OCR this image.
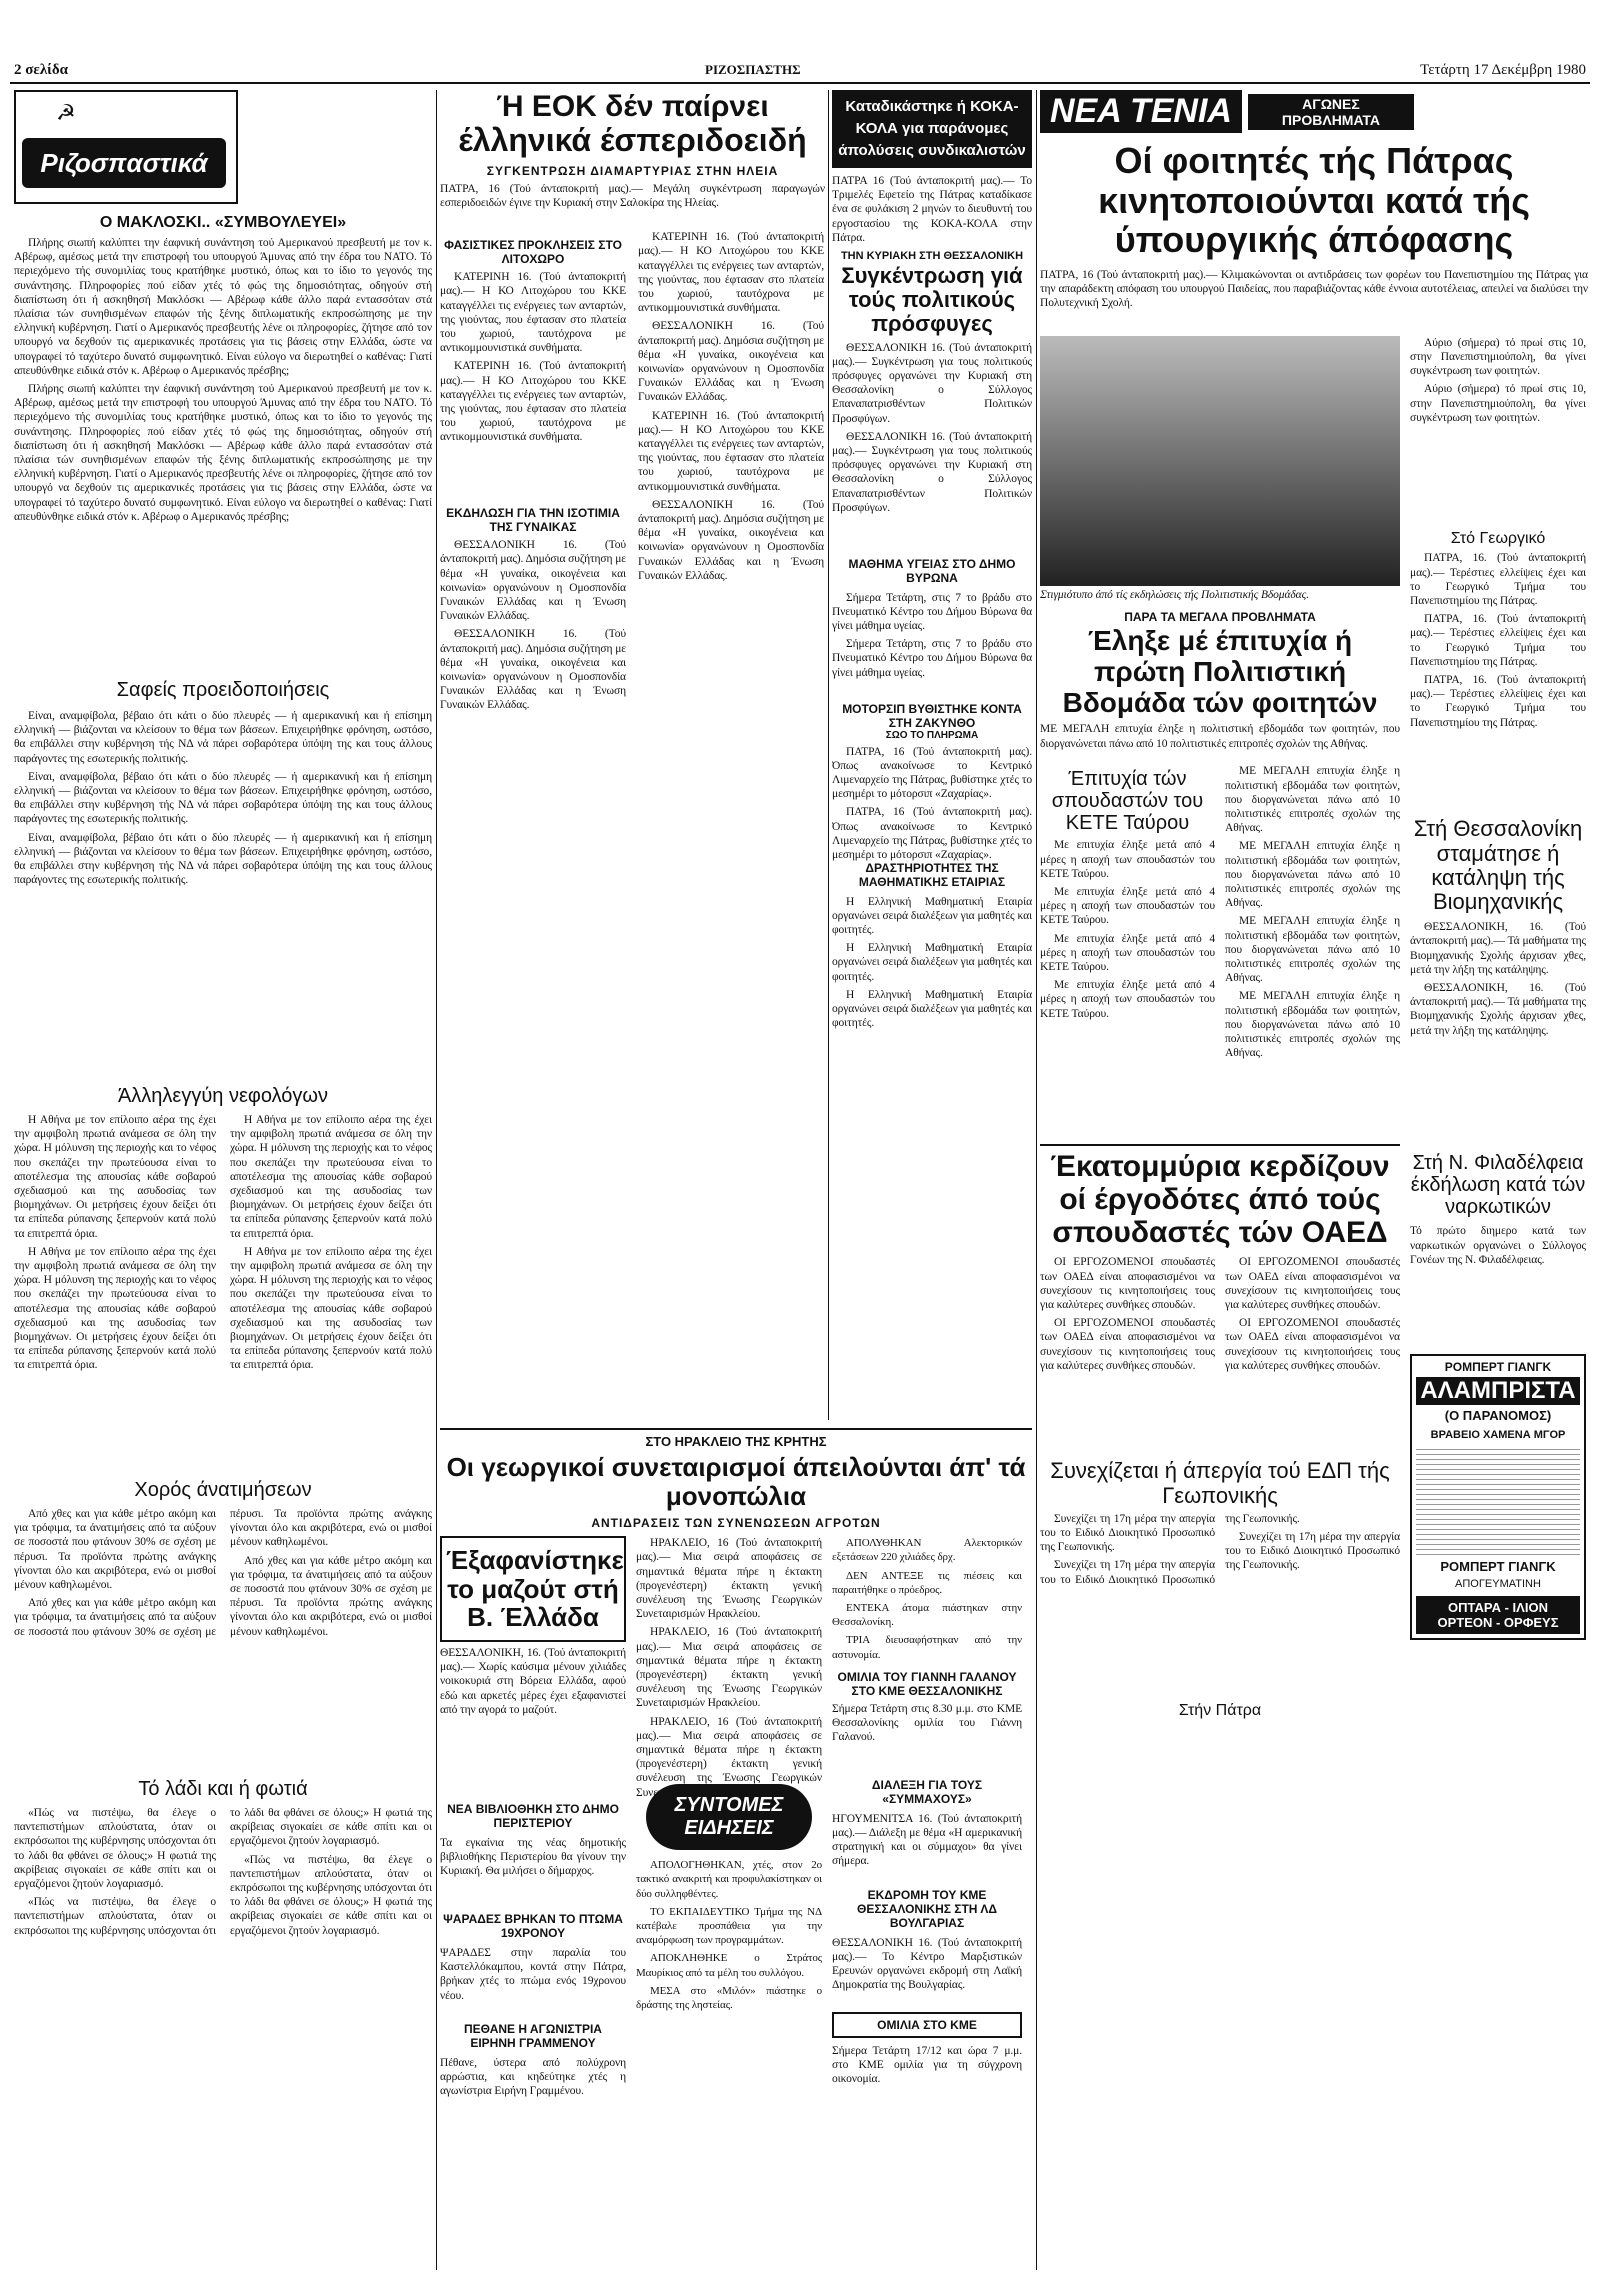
2 σελίδα	ΡΙΖΟΣΠΑΣΤΗΣ	Τετάρτη 17 Δεκέμβρη 1980
☭
Ριζοσπαστικά
Ο ΜΑΚΛΟΣΚΙ.. «ΣΥΜΒΟΥΛΕΥΕΙ»

Πλήρης σιωπή καλύπτει την έαφνική συνάντηση τού Αμερικανού πρεσβευτή με τον κ. Αβέρωφ, αμέσως μετά την επιστροφή του υπουργού Άμυνας από την έδρα του ΝΑΤΟ. Τό περιεχόμενο τής συνομιλίας τους κρατήθηκε μυστικό, όπως και το ίδιο το γεγονός της συνάντησης. Πληροφορίες πού είδαν χτές τό φώς της δημοσιότητας, οδηγούν στή διαπίστωση ότι ή ασκηθησή Μακλόσκι — Αβέρωφ κάθε άλλο παρά εντασσόταν στά πλαίσια τών συνηθισμένων επαφών τής ξένης διπλωματικής εκπροσώπησης με την ελληνική κυβέρνηση. Γιατί ο Αμερικανός πρεσβευτής λένε οι πληροφορίες, ζήτησε από τον υπουργό να δεχθούν τις αμερικανικές προτάσεις για τις βάσεις στην Ελλάδα, ώστε να υπογραφεί τό ταχύτερο δυνατό συμφωνητικό. Είναι εύλογο να διερωτηθεί ο καθένας: Γιατί απευθύνθηκε ειδικά στόν κ. Αβέρωφ ο Αμερικανός πρέσβης;

Πλήρης σιωπή καλύπτει την έαφνική συνάντηση τού Αμερικανού πρεσβευτή με τον κ. Αβέρωφ, αμέσως μετά την επιστροφή του υπουργού Άμυνας από την έδρα του ΝΑΤΟ. Τό περιεχόμενο τής συνομιλίας τους κρατήθηκε μυστικό, όπως και το ίδιο το γεγονός της συνάντησης. Πληροφορίες πού είδαν χτές τό φώς της δημοσιότητας, οδηγούν στή διαπίστωση ότι ή ασκηθησή Μακλόσκι — Αβέρωφ κάθε άλλο παρά εντασσόταν στά πλαίσια τών συνηθισμένων επαφών τής ξένης διπλωματικής εκπροσώπησης με την ελληνική κυβέρνηση. Γιατί ο Αμερικανός πρεσβευτής λένε οι πληροφορίες, ζήτησε από τον υπουργό να δεχθούν τις αμερικανικές προτάσεις για τις βάσεις στην Ελλάδα, ώστε να υπογραφεί τό ταχύτερο δυνατό συμφωνητικό. Είναι εύλογο να διερωτηθεί ο καθένας: Γιατί απευθύνθηκε ειδικά στόν κ. Αβέρωφ ο Αμερικανός πρέσβης;

Σαφείς προειδοποιήσεις

Είναι, αναμφίβολα, βέβαιο ότι κάτι ο δύο πλευρές — ή αμερικανική και ή επίσημη ελληνική — βιάζονται να κλείσουν το θέμα των βάσεων. Επιχειρήθηκε φρόνηση, ωστόσο, θα επιβάλλει στην κυβέρνηση τής ΝΔ νά πάρει σοβαρότερα ύπόψη της και τους άλλους παράγοντες της εσωτερικής πολιτικής.

Είναι, αναμφίβολα, βέβαιο ότι κάτι ο δύο πλευρές — ή αμερικανική και ή επίσημη ελληνική — βιάζονται να κλείσουν το θέμα των βάσεων. Επιχειρήθηκε φρόνηση, ωστόσο, θα επιβάλλει στην κυβέρνηση τής ΝΔ νά πάρει σοβαρότερα ύπόψη της και τους άλλους παράγοντες της εσωτερικής πολιτικής.

Είναι, αναμφίβολα, βέβαιο ότι κάτι ο δύο πλευρές — ή αμερικανική και ή επίσημη ελληνική — βιάζονται να κλείσουν το θέμα των βάσεων. Επιχειρήθηκε φρόνηση, ωστόσο, θα επιβάλλει στην κυβέρνηση τής ΝΔ νά πάρει σοβαρότερα ύπόψη της και τους άλλους παράγοντες της εσωτερικής πολιτικής.

Άλληλεγγύη νεφολόγων

Η Αθήνα με τον επίλοιπο αέρα της έχει την αμφιβολη πρωτιά ανάμεσα σε όλη την χώρα. Η μόλυνση της περιοχής και το νέφος που σκεπάζει την πρωτεύουσα είναι το αποτέλεσμα της απουσίας κάθε σοβαρού σχεδιασμού και της ασυδοσίας των βιομηχάνων. Οι μετρήσεις έχουν δείξει ότι τα επίπεδα ρύπανσης ξεπερνούν κατά πολύ τα επιτρεπτά όρια.

Η Αθήνα με τον επίλοιπο αέρα της έχει την αμφιβολη πρωτιά ανάμεσα σε όλη την χώρα. Η μόλυνση της περιοχής και το νέφος που σκεπάζει την πρωτεύουσα είναι το αποτέλεσμα της απουσίας κάθε σοβαρού σχεδιασμού και της ασυδοσίας των βιομηχάνων. Οι μετρήσεις έχουν δείξει ότι τα επίπεδα ρύπανσης ξεπερνούν κατά πολύ τα επιτρεπτά όρια.

Η Αθήνα με τον επίλοιπο αέρα της έχει την αμφιβολη πρωτιά ανάμεσα σε όλη την χώρα. Η μόλυνση της περιοχής και το νέφος που σκεπάζει την πρωτεύουσα είναι το αποτέλεσμα της απουσίας κάθε σοβαρού σχεδιασμού και της ασυδοσίας των βιομηχάνων. Οι μετρήσεις έχουν δείξει ότι τα επίπεδα ρύπανσης ξεπερνούν κατά πολύ τα επιτρεπτά όρια.

Η Αθήνα με τον επίλοιπο αέρα της έχει την αμφιβολη πρωτιά ανάμεσα σε όλη την χώρα. Η μόλυνση της περιοχής και το νέφος που σκεπάζει την πρωτεύουσα είναι το αποτέλεσμα της απουσίας κάθε σοβαρού σχεδιασμού και της ασυδοσίας των βιομηχάνων. Οι μετρήσεις έχουν δείξει ότι τα επίπεδα ρύπανσης ξεπερνούν κατά πολύ τα επιτρεπτά όρια.

Χορός άνατιμήσεων

Από χθες και για κάθε μέτρο ακόμη και για τρόφιμα, τα άνατιμήσεις από τα αύξουν σε ποσοστά που φτάνουν 30% σε σχέση με πέρυσι. Τα προϊόντα πρώτης ανάγκης γίνονται όλο και ακριβότερα, ενώ οι μισθοί μένουν καθηλωμένοι.

Από χθες και για κάθε μέτρο ακόμη και για τρόφιμα, τα άνατιμήσεις από τα αύξουν σε ποσοστά που φτάνουν 30% σε σχέση με πέρυσι. Τα προϊόντα πρώτης ανάγκης γίνονται όλο και ακριβότερα, ενώ οι μισθοί μένουν καθηλωμένοι.

Από χθες και για κάθε μέτρο ακόμη και για τρόφιμα, τα άνατιμήσεις από τα αύξουν σε ποσοστά που φτάνουν 30% σε σχέση με πέρυσι. Τα προϊόντα πρώτης ανάγκης γίνονται όλο και ακριβότερα, ενώ οι μισθοί μένουν καθηλωμένοι.

Τό λάδι και ή φωτιά

«Πώς να πιστέψω, θα έλεγε ο παντεπιστήμων απλούστατα, όταν οι εκπρόσωποι της κυβέρνησης υπόσχονται ότι το λάδι θα φθάνει σε όλους;» Η φωτιά της ακρίβειας σιγοκαίει σε κάθε σπίτι και οι εργαζόμενοι ζητούν λογαριασμό.

«Πώς να πιστέψω, θα έλεγε ο παντεπιστήμων απλούστατα, όταν οι εκπρόσωποι της κυβέρνησης υπόσχονται ότι το λάδι θα φθάνει σε όλους;» Η φωτιά της ακρίβειας σιγοκαίει σε κάθε σπίτι και οι εργαζόμενοι ζητούν λογαριασμό.

«Πώς να πιστέψω, θα έλεγε ο παντεπιστήμων απλούστατα, όταν οι εκπρόσωποι της κυβέρνησης υπόσχονται ότι το λάδι θα φθάνει σε όλους;» Η φωτιά της ακρίβειας σιγοκαίει σε κάθε σπίτι και οι εργαζόμενοι ζητούν λογαριασμό.

Ή ΕΟΚ δέν παίρνει
έλληνικά έσπεριδοειδή
ΣΥΓΚΕΝΤΡΩΣΗ ΔΙΑΜΑΡΤΥΡΙΑΣ ΣΤΗΝ ΗΛΕΙΑ
ΠΑΤΡΑ, 16 (Τού άνταποκριτή μας).— Μεγάλη συγκέντρωση παραγωγών εσπεριδοειδών έγινε την Κυριακή στην Σαλοκίρα της Ηλείας.
ΦΑΣΙΣΤΙΚΕΣ ΠΡΟΚΛΗΣΕΙΣ ΣΤΟ ΛΙΤΟΧΩΡΟ

ΚΑΤΕΡΙΝΗ 16. (Τού άνταποκριτή μας).— Η ΚΟ Λιτοχώρου του ΚΚΕ καταγγέλλει τις ενέργειες των ανταρτών, της γιούντας, που έφτασαν στο πλατεία του χωριού, ταυτόχρονα με αντικομμουνιστικά συνθήματα.

ΚΑΤΕΡΙΝΗ 16. (Τού άνταποκριτή μας).— Η ΚΟ Λιτοχώρου του ΚΚΕ καταγγέλλει τις ενέργειες των ανταρτών, της γιούντας, που έφτασαν στο πλατεία του χωριού, ταυτόχρονα με αντικομμουνιστικά συνθήματα.

ΕΚΔΗΛΩΣΗ ΓΙΑ ΤΗΝ ΙΣΟΤΙΜΙΑ ΤΗΣ ΓΥΝΑΙΚΑΣ

ΘΕΣΣΑΛΟΝΙΚΗ 16. (Τού άνταποκριτή μας). Δημόσια συζήτηση με θέμα «Η γυναίκα, οικογένεια και κοινωνία» οργανώνουν η Ομοσπονδία Γυναικών Ελλάδας και η Ένωση Γυναικών Ελλάδας.

ΘΕΣΣΑΛΟΝΙΚΗ 16. (Τού άνταποκριτή μας). Δημόσια συζήτηση με θέμα «Η γυναίκα, οικογένεια και κοινωνία» οργανώνουν η Ομοσπονδία Γυναικών Ελλάδας και η Ένωση Γυναικών Ελλάδας.

ΚΑΤΕΡΙΝΗ 16. (Τού άνταποκριτή μας).— Η ΚΟ Λιτοχώρου του ΚΚΕ καταγγέλλει τις ενέργειες των ανταρτών, της γιούντας, που έφτασαν στο πλατεία του χωριού, ταυτόχρονα με αντικομμουνιστικά συνθήματα.

ΘΕΣΣΑΛΟΝΙΚΗ 16. (Τού άνταποκριτή μας). Δημόσια συζήτηση με θέμα «Η γυναίκα, οικογένεια και κοινωνία» οργανώνουν η Ομοσπονδία Γυναικών Ελλάδας και η Ένωση Γυναικών Ελλάδας.

ΚΑΤΕΡΙΝΗ 16. (Τού άνταποκριτή μας).— Η ΚΟ Λιτοχώρου του ΚΚΕ καταγγέλλει τις ενέργειες των ανταρτών, της γιούντας, που έφτασαν στο πλατεία του χωριού, ταυτόχρονα με αντικομμουνιστικά συνθήματα.

ΘΕΣΣΑΛΟΝΙΚΗ 16. (Τού άνταποκριτή μας). Δημόσια συζήτηση με θέμα «Η γυναίκα, οικογένεια και κοινωνία» οργανώνουν η Ομοσπονδία Γυναικών Ελλάδας και η Ένωση Γυναικών Ελλάδας.

Καταδικάστηκε ή ΚΟΚΑ-ΚΟΛΑ για παράνομες άπολύσεις συνδικαλιστών
ΠΑΤΡΑ 16 (Τού άνταποκριτή μας).— Το Τριμελές Εφετείο της Πάτρας καταδίκασε ένα σε φυλάκιση 2 μηνών το διευθυντή του εργοστασίου της ΚΟΚΑ-ΚΟΛΑ στην Πάτρα.
ΤΗΝ ΚΥΡΙΑΚΗ ΣΤΗ ΘΕΣΣΑΛΟΝΙΚΗ
Συγκέντρωση γιά τούς πολιτικούς πρόσφυγες

ΘΕΣΣΑΛΟΝΙΚΗ 16. (Τού άνταποκριτή μας).— Συγκέντρωση για τους πολιτικούς πρόσφυγες οργανώνει την Κυριακή στη Θεσσαλονίκη ο Σύλλογος Επαναπατρισθέντων Πολιτικών Προσφύγων.

ΘΕΣΣΑΛΟΝΙΚΗ 16. (Τού άνταποκριτή μας).— Συγκέντρωση για τους πολιτικούς πρόσφυγες οργανώνει την Κυριακή στη Θεσσαλονίκη ο Σύλλογος Επαναπατρισθέντων Πολιτικών Προσφύγων.

ΜΑΘΗΜΑ ΥΓΕΙΑΣ ΣΤΟ ΔΗΜΟ ΒΥΡΩΝΑ

Σήμερα Τετάρτη, στις 7 το βράδυ στο Πνευματικό Κέντρο του Δήμου Βύρωνα θα γίνει μάθημα υγείας.

Σήμερα Τετάρτη, στις 7 το βράδυ στο Πνευματικό Κέντρο του Δήμου Βύρωνα θα γίνει μάθημα υγείας.

ΜΟΤΟΡΣΙΠ ΒΥΘΙΣΤΗΚΕ ΚΟΝΤΑ ΣΤΗ ΖΑΚΥΝΘΟ
ΣΩΟ ΤΟ ΠΛΗΡΩΜΑ

ΠΑΤΡΑ, 16 (Τού άνταποκριτή μας). Όπως ανακοίνωσε το Κεντρικό Λιμεναρχείο της Πάτρας, βυθίστηκε χτές το μεσημέρι το μότορσιπ «Ζαχαρίας».

ΠΑΤΡΑ, 16 (Τού άνταποκριτή μας). Όπως ανακοίνωσε το Κεντρικό Λιμεναρχείο της Πάτρας, βυθίστηκε χτές το μεσημέρι το μότορσιπ «Ζαχαρίας».

ΔΡΑΣΤΗΡΙΟΤΗΤΕΣ ΤΗΣ ΜΑΘΗΜΑΤΙΚΗΣ ΕΤΑΙΡΙΑΣ

Η Ελληνική Μαθηματική Εταιρία οργανώνει σειρά διαλέξεων για μαθητές και φοιτητές.

Η Ελληνική Μαθηματική Εταιρία οργανώνει σειρά διαλέξεων για μαθητές και φοιτητές.

Η Ελληνική Μαθηματική Εταιρία οργανώνει σειρά διαλέξεων για μαθητές και φοιτητές.

ΣΤΟ ΗΡΑΚΛΕΙΟ ΤΗΣ ΚΡΗΤΗΣ
Οι γεωργικοί συνεταιρισμοί άπειλούνται άπ' τά μονοπώλια
ΑΝΤΙΔΡΑΣΕΙΣ ΤΩΝ ΣΥΝΕΝΩΣΕΩΝ ΑΓΡΟΤΩΝ
Έξαφανίστηκε το μαζούτ στή Β. Έλλάδα
ΘΕΣΣΑΛΟΝΙΚΗ, 16. (Τού άνταποκριτή μας).— Χωρίς καύσιμα μένουν χιλιάδες νοικοκυριά στη Βόρεια Ελλάδα, αφού εδώ και αρκετές μέρες έχει εξαφανιστεί από την αγορά το μαζούτ.
ΝΕΑ ΒΙΒΛΙΟΘΗΚΗ ΣΤΟ ΔΗΜΟ ΠΕΡΙΣΤΕΡΙΟΥ
Τα εγκαίνια της νέας δημοτικής βιβλιοθήκης Περιστερίου θα γίνουν την Κυριακή. Θα μιλήσει ο δήμαρχος.
ΨΑΡΑΔΕΣ ΒΡΗΚΑΝ ΤΟ ΠΤΩΜΑ 19ΧΡΟΝΟΥ
ΨΑΡΑΔΕΣ στην παραλία του Καστελλόκαμπου, κοντά στην Πάτρα, βρήκαν χτές το πτώμα ενός 19χρονου νέου.
ΠΕΘΑΝΕ Η ΑΓΩΝΙΣΤΡΙΑ ΕΙΡΗΝΗ ΓΡΑΜΜΕΝΟΥ
Πέθανε, ύστερα από πολύχρονη αρρώστια, και κηδεύτηκε χτές η αγωνίστρια Ειρήνη Γραμμένου.

ΗΡΑΚΛΕΙΟ, 16 (Τού άνταποκριτή μας).— Μια σειρά αποφάσεις σε σημαντικά θέματα πήρε η έκτακτη (προγενέστερη) έκτακτη γενική συνέλευση της Ένωσης Γεωργικών Συνεταιρισμών Ηρακλείου.

ΗΡΑΚΛΕΙΟ, 16 (Τού άνταποκριτή μας).— Μια σειρά αποφάσεις σε σημαντικά θέματα πήρε η έκτακτη (προγενέστερη) έκτακτη γενική συνέλευση της Ένωσης Γεωργικών Συνεταιρισμών Ηρακλείου.

ΗΡΑΚΛΕΙΟ, 16 (Τού άνταποκριτή μας).— Μια σειρά αποφάσεις σε σημαντικά θέματα πήρε η έκτακτη (προγενέστερη) έκτακτη γενική συνέλευση της Ένωσης Γεωργικών Συνεταιρισμών Ηρακλείου.

ΣΥΝΤΟΜΕΣ ΕΙΔΗΣΕΙΣ

ΑΠΟΛΟΓΗΘΗΚΑΝ, χτές, στον 2ο τακτικό ανακριτή και προφυλακίστηκαν οι δύο συλληφθέντες.

ΤΟ ΕΚΠΑΙΔΕΥΤΙΚΟ Τμήμα της ΝΔ κατέβαλε προσπάθεια για την αναμόρφωση των προγραμμάτων.

ΑΠΟΚΛΗΘΗΚΕ ο Στράτος Μαυρίκιος από τα μέλη του συλλόγου.

ΜΕΣΑ στο «Μιλόν» πιάστηκε ο δράστης της ληστείας.

ΑΠΟΛΥΘΗΚΑΝ Αλεκτορικών εξετάσεων 220 χιλιάδες δρχ.

ΔΕΝ ΑΝΤΕΞΕ τις πιέσεις και παραιτήθηκε ο πρόεδρος.

ΕΝΤΕΚΑ άτομα πιάστηκαν στην Θεσσαλονίκη.

ΤΡΙΑ διευσαφήστηκαν από την αστυνομία.

ΟΜΙΛΙΑ ΤΟΥ ΓΙΑΝΝΗ ΓΑΛΑΝΟΥ ΣΤΟ ΚΜΕ ΘΕΣΣΑΛΟΝΙΚΗΣ
Σήμερα Τετάρτη στις 8.30 μ.μ. στο ΚΜΕ Θεσσαλονίκης ομιλία του Γιάννη Γαλανού.
ΔΙΑΛΕΞΗ ΓΙΑ ΤΟΥΣ «ΣΥΜΜΑΧΟΥΣ»
ΗΓΟΥΜΕΝΙΤΣΑ 16. (Τού άνταποκριτή μας).— Διάλεξη με θέμα «Η αμερικανική στρατηγική και οι σύμμαχοι» θα γίνει σήμερα.
ΕΚΔΡΟΜΗ ΤΟΥ ΚΜΕ ΘΕΣΣΑΛΟΝΙΚΗΣ ΣΤΗ ΛΔ ΒΟΥΛΓΑΡΙΑΣ
ΘΕΣΣΑΛΟΝΙΚΗ 16. (Τού άνταποκριτή μας).— Το Κέντρο Μαρξιστικών Ερευνών οργανώνει εκδρομή στη Λαϊκή Δημοκρατία της Βουλγαρίας.
ΟΜΙΛΙΑ ΣΤΟ ΚΜΕ
Σήμερα Τετάρτη 17/12 και ώρα 7 μ.μ. στο ΚΜΕ ομιλία για τη σύγχρονη οικονομία.
ΝΕΑ ΤΕΝΙΑ	ΑΓΩΝΕΣ ΠΡΟΒΛΗΜΑΤΑ
Οί φοιτητές τής Πάτρας κινητοποιούνται κατά τής ύπουργικής άπόφασης
ΠΑΤΡΑ, 16 (Τού άνταποκριτή μας).— Κλιμακώνονται οι αντιδράσεις των φορέων του Πανεπιστημίου της Πάτρας για την απαράδεκτη απόφαση του υπουργού Παιδείας, που παραβιάζοντας κάθε έννοια αυτοτέλειας, απειλεί να διαλύσει την Πολυτεχνική Σχολή.
Στιγμιότυπο άπό τίς εκδηλώσεις τής Πολιτιστικής Βδομάδας.
ΠΑΡΑ ΤΑ ΜΕΓΑΛΑ ΠΡΟΒΛΗΜΑΤΑ
Έληξε μέ έπιτυχία ή πρώτη Πολιτιστική Βδομάδα τών φοιτητών
ΜΕ ΜΕΓΑΛΗ επιτυχία έληξε η πολιτιστική εβδομάδα των φοιτητών, που διοργανώνεται πάνω από 10 πολιτιστικές επιτροπές σχολών της Αθήνας.
Έπιτυχία τών σπουδαστών του ΚΕΤΕ Ταύρου

Με επιτυχία έληξε μετά από 4 μέρες η αποχή των σπουδαστών του ΚΕΤΕ Ταύρου.

Με επιτυχία έληξε μετά από 4 μέρες η αποχή των σπουδαστών του ΚΕΤΕ Ταύρου.

Με επιτυχία έληξε μετά από 4 μέρες η αποχή των σπουδαστών του ΚΕΤΕ Ταύρου.

Με επιτυχία έληξε μετά από 4 μέρες η αποχή των σπουδαστών του ΚΕΤΕ Ταύρου.

ΜΕ ΜΕΓΑΛΗ επιτυχία έληξε η πολιτιστική εβδομάδα των φοιτητών, που διοργανώνεται πάνω από 10 πολιτιστικές επιτροπές σχολών της Αθήνας.

ΜΕ ΜΕΓΑΛΗ επιτυχία έληξε η πολιτιστική εβδομάδα των φοιτητών, που διοργανώνεται πάνω από 10 πολιτιστικές επιτροπές σχολών της Αθήνας.

ΜΕ ΜΕΓΑΛΗ επιτυχία έληξε η πολιτιστική εβδομάδα των φοιτητών, που διοργανώνεται πάνω από 10 πολιτιστικές επιτροπές σχολών της Αθήνας.

ΜΕ ΜΕΓΑΛΗ επιτυχία έληξε η πολιτιστική εβδομάδα των φοιτητών, που διοργανώνεται πάνω από 10 πολιτιστικές επιτροπές σχολών της Αθήνας.

Αύριο (σήμερα) τό πρωί στις 10, στην Πανεπιστημιούπολη, θα γίνει συγκέντρωση των φοιτητών.

Αύριο (σήμερα) τό πρωί στις 10, στην Πανεπιστημιούπολη, θα γίνει συγκέντρωση των φοιτητών.

Στό Γεωργικό

ΠΑΤΡΑ, 16. (Τού άνταποκριτή μας).— Τερέστιες ελλείψεις έχει και το Γεωργικό Τμήμα του Πανεπιστημίου της Πάτρας.

ΠΑΤΡΑ, 16. (Τού άνταποκριτή μας).— Τερέστιες ελλείψεις έχει και το Γεωργικό Τμήμα του Πανεπιστημίου της Πάτρας.

ΠΑΤΡΑ, 16. (Τού άνταποκριτή μας).— Τερέστιες ελλείψεις έχει και το Γεωργικό Τμήμα του Πανεπιστημίου της Πάτρας.

Στή Θεσσαλονίκη σταμάτησε ή κατάληψη τής Βιομηχανικής

ΘΕΣΣΑΛΟΝΙΚΗ, 16. (Τού άνταποκριτή μας).— Τά μαθήματα της Βιομηχανικής Σχολής άρχισαν χθες, μετά την λήξη της κατάληψης.

ΘΕΣΣΑΛΟΝΙΚΗ, 16. (Τού άνταποκριτή μας).— Τά μαθήματα της Βιομηχανικής Σχολής άρχισαν χθες, μετά την λήξη της κατάληψης.

Έκατομμύρια κερδίζουν οί έργοδότες άπό τούς σπουδαστές τών ΟΑΕΔ

ΟΙ ΕΡΓΟΖΟΜΕΝΟΙ σπουδαστές των ΟΑΕΔ είναι αποφασισμένοι να συνεχίσουν τις κινητοποιήσεις τους για καλύτερες συνθήκες σπουδών.

ΟΙ ΕΡΓΟΖΟΜΕΝΟΙ σπουδαστές των ΟΑΕΔ είναι αποφασισμένοι να συνεχίσουν τις κινητοποιήσεις τους για καλύτερες συνθήκες σπουδών.

ΟΙ ΕΡΓΟΖΟΜΕΝΟΙ σπουδαστές των ΟΑΕΔ είναι αποφασισμένοι να συνεχίσουν τις κινητοποιήσεις τους για καλύτερες συνθήκες σπουδών.

ΟΙ ΕΡΓΟΖΟΜΕΝΟΙ σπουδαστές των ΟΑΕΔ είναι αποφασισμένοι να συνεχίσουν τις κινητοποιήσεις τους για καλύτερες συνθήκες σπουδών.

Συνεχίζεται ή άπεργία τού ΕΔΠ τής Γεωπονικής

Συνεχίζει τη 17η μέρα την απεργία του το Ειδικό Διοικητικό Προσωπικό της Γεωπονικής.

Συνεχίζει τη 17η μέρα την απεργία του το Ειδικό Διοικητικό Προσωπικό της Γεωπονικής.

Συνεχίζει τη 17η μέρα την απεργία του το Ειδικό Διοικητικό Προσωπικό της Γεωπονικής.

Στήν Πάτρα
Στή Ν. Φιλαδέλφεια έκδήλωση κατά τών ναρκωτικών
Τό πρώτο διημερο κατά των ναρκωτικών οργανώνει ο Σύλλογος Γονέων της Ν. Φιλαδέλφειας.
ΡΟΜΠΕΡΤ ΓΙΑΝΓΚ
ΑΛΑΜΠΡΙΣΤΑ
(Ο ΠΑΡΑΝΟΜΟΣ)
ΒΡΑΒΕΙΟ ΧΑΜΕΝΑ ΜΓΟΡ
ΡΟΜΠΕΡΤ ΓΙΑΝΓΚ
ΑΠΟΓΕΥΜΑΤΙΝΗ
ΟΠΤΑΡΑ - ΙΛΙΟΝ ΟΡΤΕΟΝ - ΟΡΦΕΥΣ
